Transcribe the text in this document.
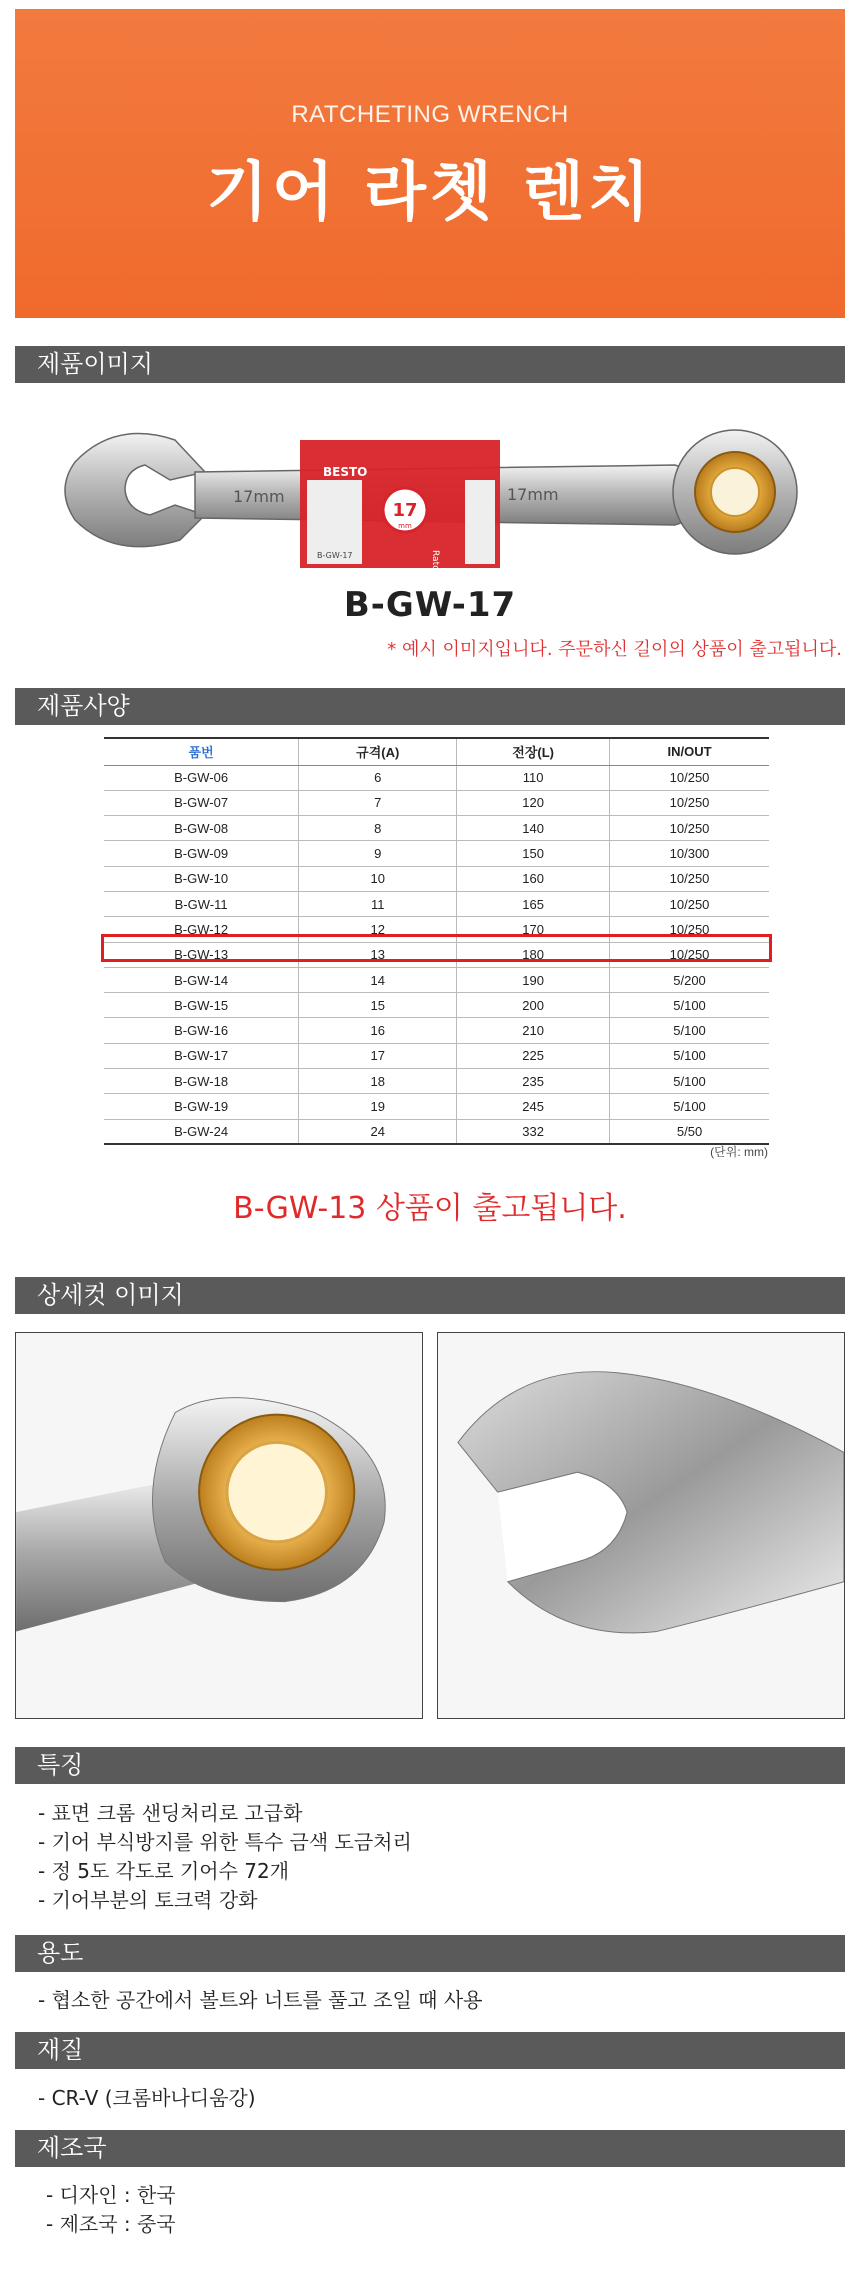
RATCHETING WRENCH
기어 라쳇 렌치
제품이미지
17mm	17mm
BESTO
17
mm
B-GW-17
B-GW-17
* 예시 이미지입니다. 주문하신 길이의 상품이 출고됩니다.
제품사양
품번	규격(A)	전장(L)	IN/OUT
B-GW-06	6	110	10/250
B-GW-07	7	120	10/250
B-GW-08	8	140	10/250
B-GW-09	9	150	10/300
B-GW-10	10	160	10/250
B-GW-11	11	165	10/250
B-GW-12	12	170	10/250
B-GW-13	13	180	10/250
B-GW-14	14	190	5/200
B-GW-15	15	200	5/100
B-GW-16	16	210	5/100
B-GW-17	17	225	5/100
B-GW-18	18	235	5/100
B-GW-19	19	245	5/100
B-GW-24	24	332	5/50
(단위: mm)
B-GW-13 상품이 출고됩니다.
상세컷 이미지
특징
- 표면 크롬 샌딩처리로 고급화
- 기어 부식방지를 위한 특수 금색 도금처리
- 정 5도 각도로 기어수 72개
- 기어부분의 토크력 강화
용도
- 협소한 공간에서 볼트와 너트를 풀고 조일 때 사용
재질
- CR-V (크롬바나디움강)
제조국
- 디자인 : 한국
- 제조국 : 중국
